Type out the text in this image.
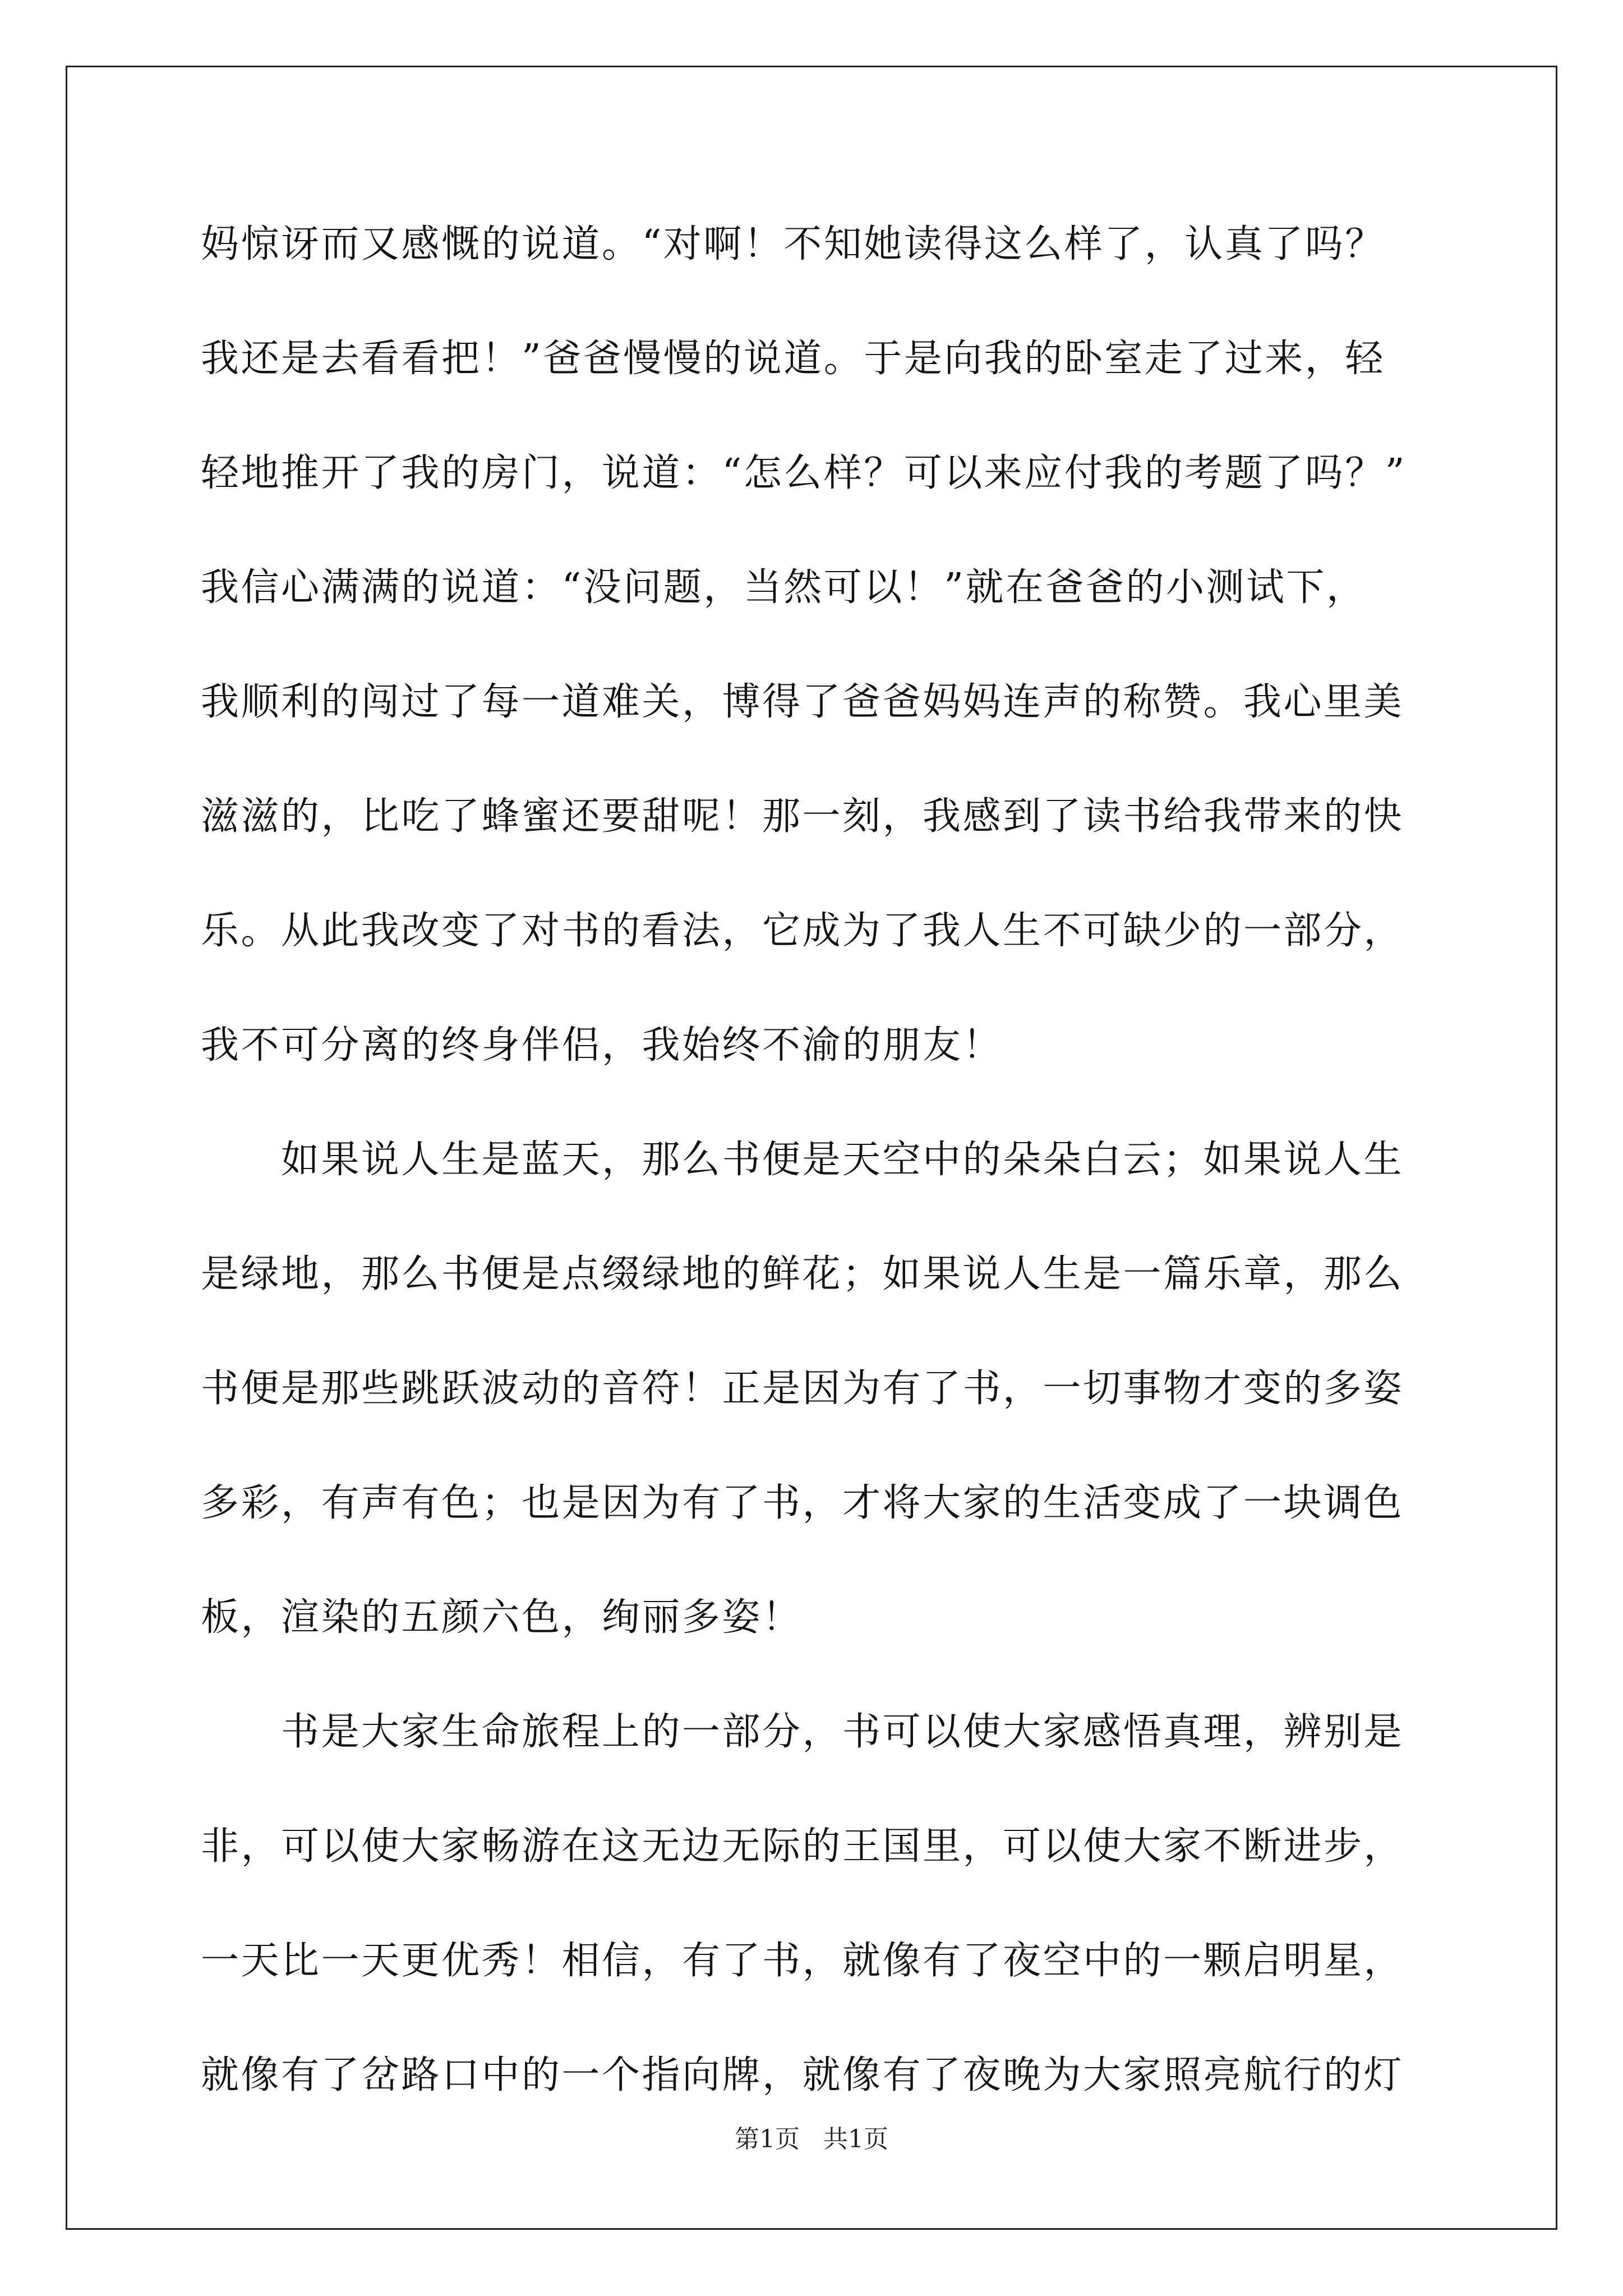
妈惊讶而又感慨的说道。“对啊！不知她读得这么样了，认真了吗？
我还是去看看把！”爸爸慢慢的说道。于是向我的卧室走了过来，轻
轻地推开了我的房门，说道：“怎么样？可以来应付我的考题了吗？”
我信心满满的说道：“没问题，当然可以！”就在爸爸的小测试下，
我顺利的闯过了每一道难关，博得了爸爸妈妈连声的称赞。我心里美
滋滋的，比吃了蜂蜜还要甜呢！那一刻，我感到了读书给我带来的快
乐。从此我改变了对书的看法，它成为了我人生不可缺少的一部分，
我不可分离的终身伴侣，我始终不渝的朋友！
　　如果说人生是蓝天，那么书便是天空中的朵朵白云；如果说人生
是绿地，那么书便是点缀绿地的鲜花；如果说人生是一篇乐章，那么
书便是那些跳跃波动的音符！正是因为有了书，一切事物才变的多姿
多彩，有声有色；也是因为有了书，才将大家的生活变成了一块调色
板，渲染的五颜六色，绚丽多姿！
　　书是大家生命旅程上的一部分，书可以使大家感悟真理，辨别是
非，可以使大家畅游在这无边无际的王国里，可以使大家不断进步，
一天比一天更优秀！相信，有了书，就像有了夜空中的一颗启明星，
就像有了岔路口中的一个指向牌，就像有了夜晚为大家照亮航行的灯
第1页   共1页
